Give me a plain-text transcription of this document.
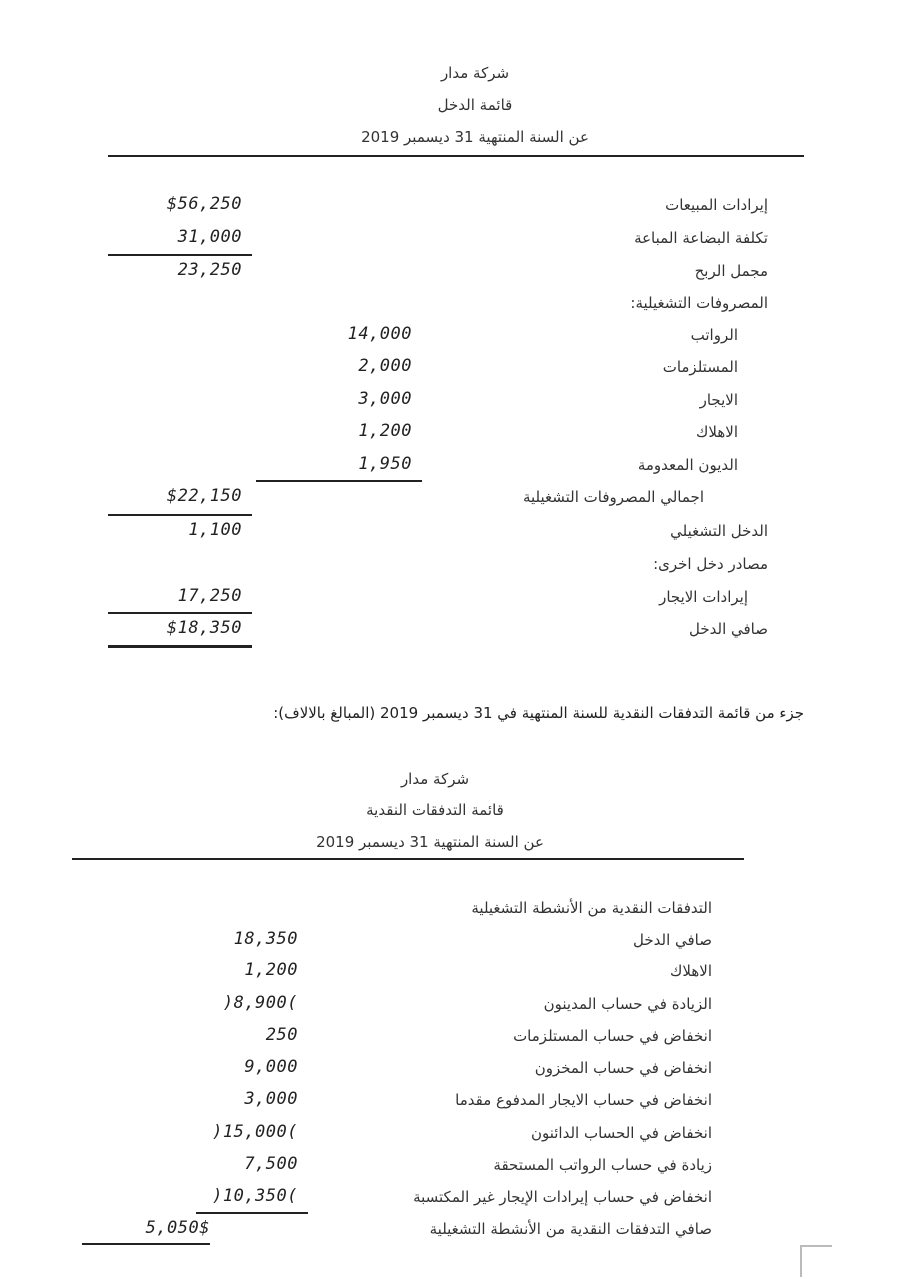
شركة مدار
قائمة الدخل
عن السنة المنتهية 31 ديسمبر 2019
إيرادات المبيعات
$56,250
تكلفة البضاعة المباعة
31,000
مجمل الربح
23,250
المصروفات التشغيلية:
الرواتب
14,000
المستلزمات
2,000
الايجار
3,000
الاهلاك
1,200
الديون المعدومة
1,950
اجمالي المصروفات التشغيلية
$22,150
الدخل التشغيلي
1,100
مصادر دخل اخرى:
إيرادات الايجار
17,250
صافي الدخل
$18,350
جزء من قائمة التدفقات النقدية للسنة المنتهية في 31 ديسمبر 2019 (المبالغ بالالاف):
شركة مدار
قائمة التدفقات النقدية
عن السنة المنتهية 31 ديسمبر 2019
التدفقات النقدية من الأنشطة التشغيلية
صافي الدخل
18,350
الاهلاك
1,200
الزيادة في حساب المدينون
)8,900(
انخفاض في حساب المستلزمات
250
انخفاض في حساب المخزون
9,000
انخفاض في حساب الايجار المدفوع مقدما
3,000
انخفاض في الحساب الدائنون
)15,000(
زيادة في حساب الرواتب المستحقة
7,500
انخفاض في حساب إيرادات الإيجار غير المكتسبة
)10,350(
صافي التدفقات النقدية من الأنشطة التشغيلية
5,050$
